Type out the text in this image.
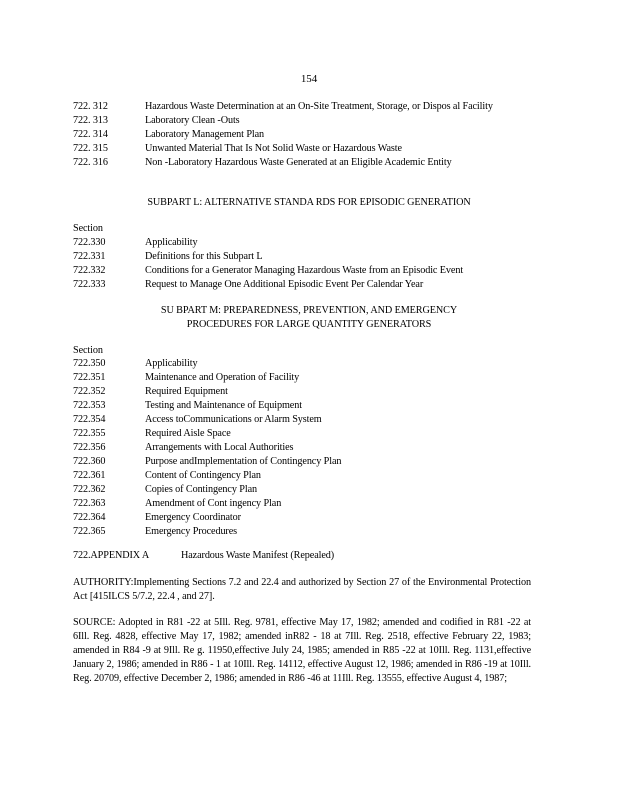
154
722. 312	Hazardous Waste Determination at an On-Site Treatment, Storage, or Dispos al Facility
722. 313	Laboratory Clean -Outs
722. 314	Laboratory Management Plan
722. 315	Unwanted Material That Is Not Solid Waste or Hazardous Waste
722. 316	Non -Laboratory Hazardous Waste Generated at an Eligible Academic Entity
SUBPART L: ALTERNATIVE STANDA RDS FOR EPISODIC GENERATION
Section
722.330	Applicability
722.331	Definitions for this Subpart L
722.332	Conditions for a Generator Managing Hazardous Waste from an Episodic Event
722.333	Request to Manage One Additional Episodic Event Per Calendar Year
SU BPART M: PREPAREDNESS, PREVENTION, AND EMERGENCY
PROCEDURES FOR LARGE QUANTITY GENERATORS
Section
722.350	Applicability
722.351	Maintenance and Operation of Facility
722.352	Required Equipment
722.353	Testing and Maintenance of Equipment
722.354	Access toCommunications or Alarm System
722.355	Required Aisle Space
722.356	Arrangements with Local Authorities
722.360	Purpose andImplementation of Contingency Plan
722.361	Content of Contingency Plan
722.362	Copies of Contingency Plan
722.363	Amendment of Cont ingency Plan
722.364	Emergency Coordinator
722.365	Emergency Procedures
722.APPENDIX A	Hazardous Waste Manifest (Repealed)
AUTHORITY:Implementing Sections 7.2 and 22.4 and authorized by Section 27 of the Environmental Protection Act [415ILCS 5/7.2, 22.4 , and 27].
SOURCE: Adopted in R81 -22 at 5Ill. Reg. 9781, effective May 17, 1982; amended and codified in R81 -22 at 6Ill. Reg. 4828, effective May 17, 1982; amended inR82 - 18 at 7Ill. Reg. 2518, effective February 22, 1983; amended in R84 -9 at 9Ill. Re g. 11950,effective July 24, 1985; amended in R85 -22 at 10Ill. Reg. 1131,effective January 2, 1986; amended in R86 - 1 at 10Ill. Reg. 14112, effective August 12, 1986; amended in R86 -19 at 10Ill. Reg. 20709, effective December 2, 1986; amended in R86 -46 at 11Ill. Reg. 13555, effective August 4, 1987;
